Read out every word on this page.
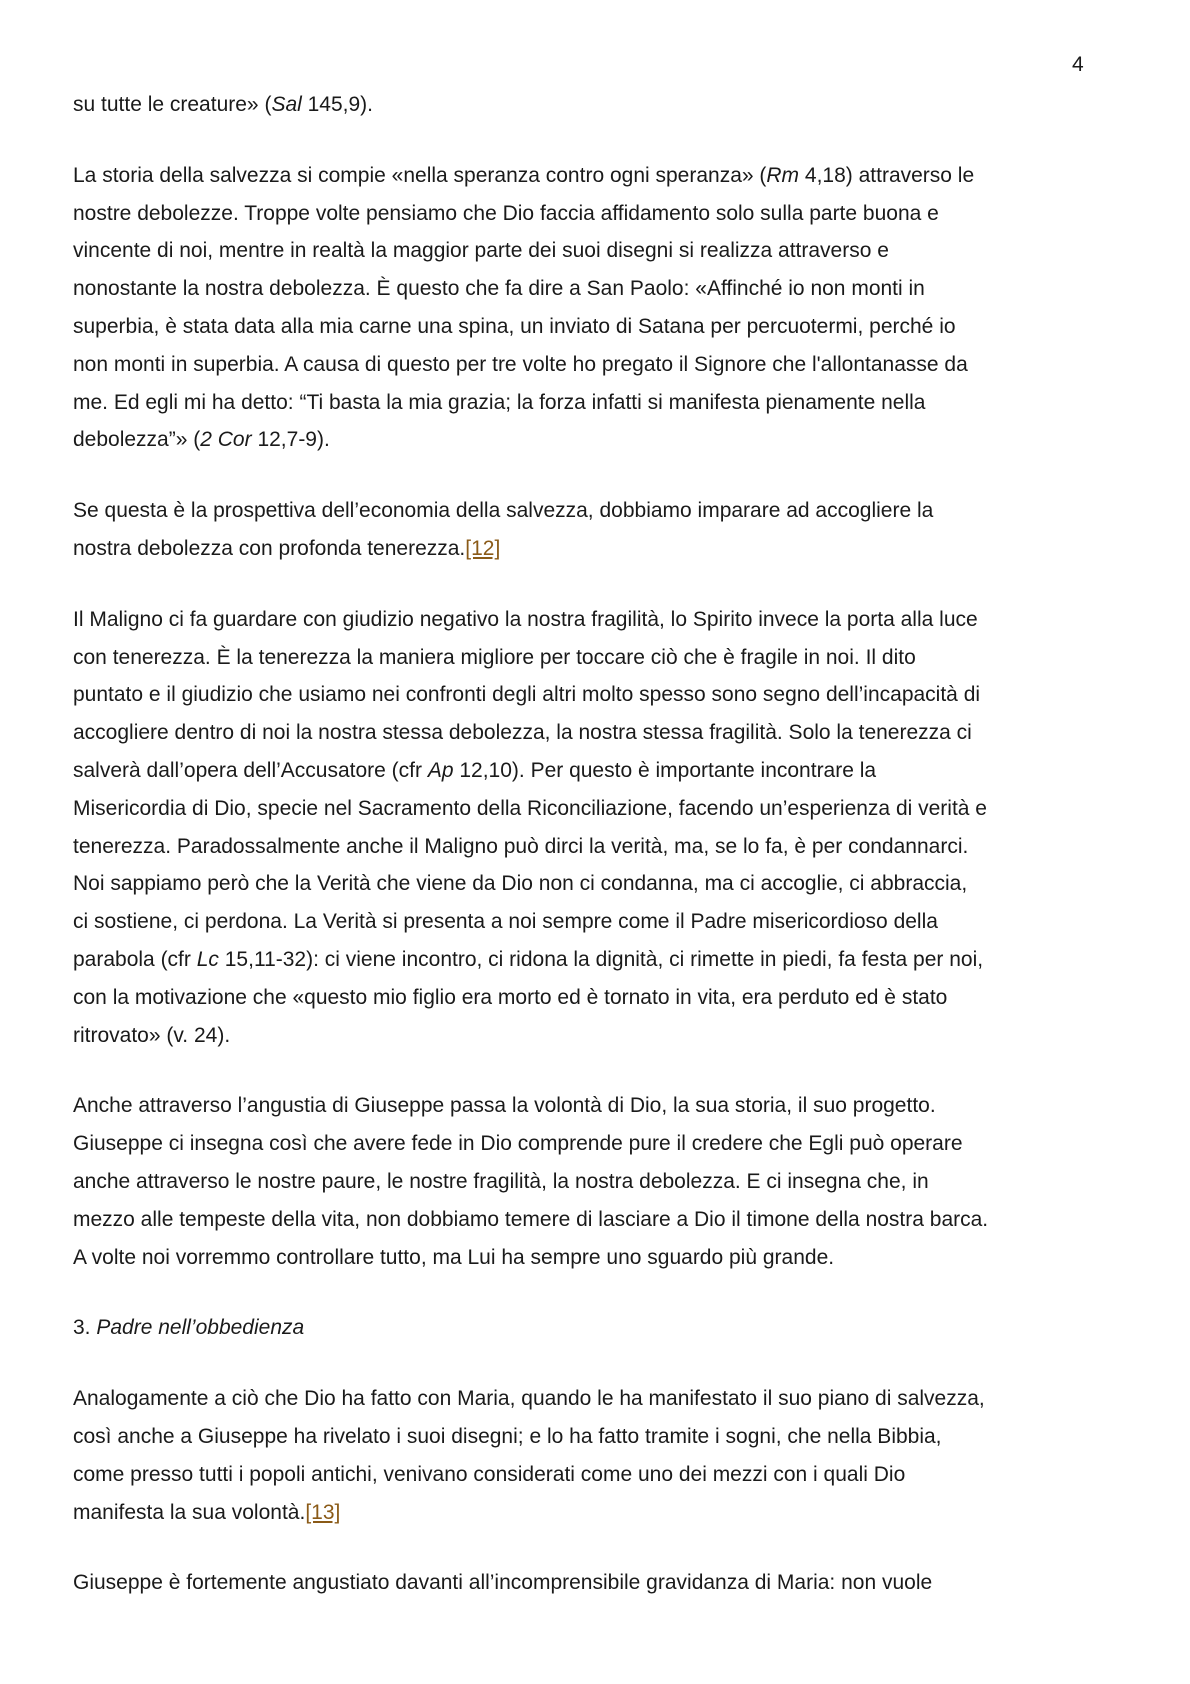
4
su tutte le creature» (Sal 145,9).
La storia della salvezza si compie «nella speranza contro ogni speranza» (Rm 4,18) attraverso le
nostre debolezze. Troppe volte pensiamo che Dio faccia affidamento solo sulla parte buona e
vincente di noi, mentre in realtà la maggior parte dei suoi disegni si realizza attraverso e
nonostante la nostra debolezza. È questo che fa dire a San Paolo: «Affinché io non monti in
superbia, è stata data alla mia carne una spina, un inviato di Satana per percuotermi, perché io
non monti in superbia. A causa di questo per tre volte ho pregato il Signore che l'allontanasse da
me. Ed egli mi ha detto: “Ti basta la mia grazia; la forza infatti si manifesta pienamente nella
debolezza”» (2 Cor 12,7-9).
Se questa è la prospettiva dell’economia della salvezza, dobbiamo imparare ad accogliere la
nostra debolezza con profonda tenerezza.[12]
Il Maligno ci fa guardare con giudizio negativo la nostra fragilità, lo Spirito invece la porta alla luce
con tenerezza. È la tenerezza la maniera migliore per toccare ciò che è fragile in noi. Il dito
puntato e il giudizio che usiamo nei confronti degli altri molto spesso sono segno dell’incapacità di
accogliere dentro di noi la nostra stessa debolezza, la nostra stessa fragilità. Solo la tenerezza ci
salverà dall’opera dell’Accusatore (cfr Ap 12,10). Per questo è importante incontrare la
Misericordia di Dio, specie nel Sacramento della Riconciliazione, facendo un’esperienza di verità e
tenerezza. Paradossalmente anche il Maligno può dirci la verità, ma, se lo fa, è per condannarci.
Noi sappiamo però che la Verità che viene da Dio non ci condanna, ma ci accoglie, ci abbraccia,
ci sostiene, ci perdona. La Verità si presenta a noi sempre come il Padre misericordioso della
parabola (cfr Lc 15,11-32): ci viene incontro, ci ridona la dignità, ci rimette in piedi, fa festa per noi,
con la motivazione che «questo mio figlio era morto ed è tornato in vita, era perduto ed è stato
ritrovato» (v. 24).
Anche attraverso l’angustia di Giuseppe passa la volontà di Dio, la sua storia, il suo progetto.
Giuseppe ci insegna così che avere fede in Dio comprende pure il credere che Egli può operare
anche attraverso le nostre paure, le nostre fragilità, la nostra debolezza. E ci insegna che, in
mezzo alle tempeste della vita, non dobbiamo temere di lasciare a Dio il timone della nostra barca.
A volte noi vorremmo controllare tutto, ma Lui ha sempre uno sguardo più grande.
3. Padre nell’obbedienza
Analogamente a ciò che Dio ha fatto con Maria, quando le ha manifestato il suo piano di salvezza,
così anche a Giuseppe ha rivelato i suoi disegni; e lo ha fatto tramite i sogni, che nella Bibbia,
come presso tutti i popoli antichi, venivano considerati come uno dei mezzi con i quali Dio
manifesta la sua volontà.[13]
Giuseppe è fortemente angustiato davanti all’incomprensibile gravidanza di Maria: non vuole
